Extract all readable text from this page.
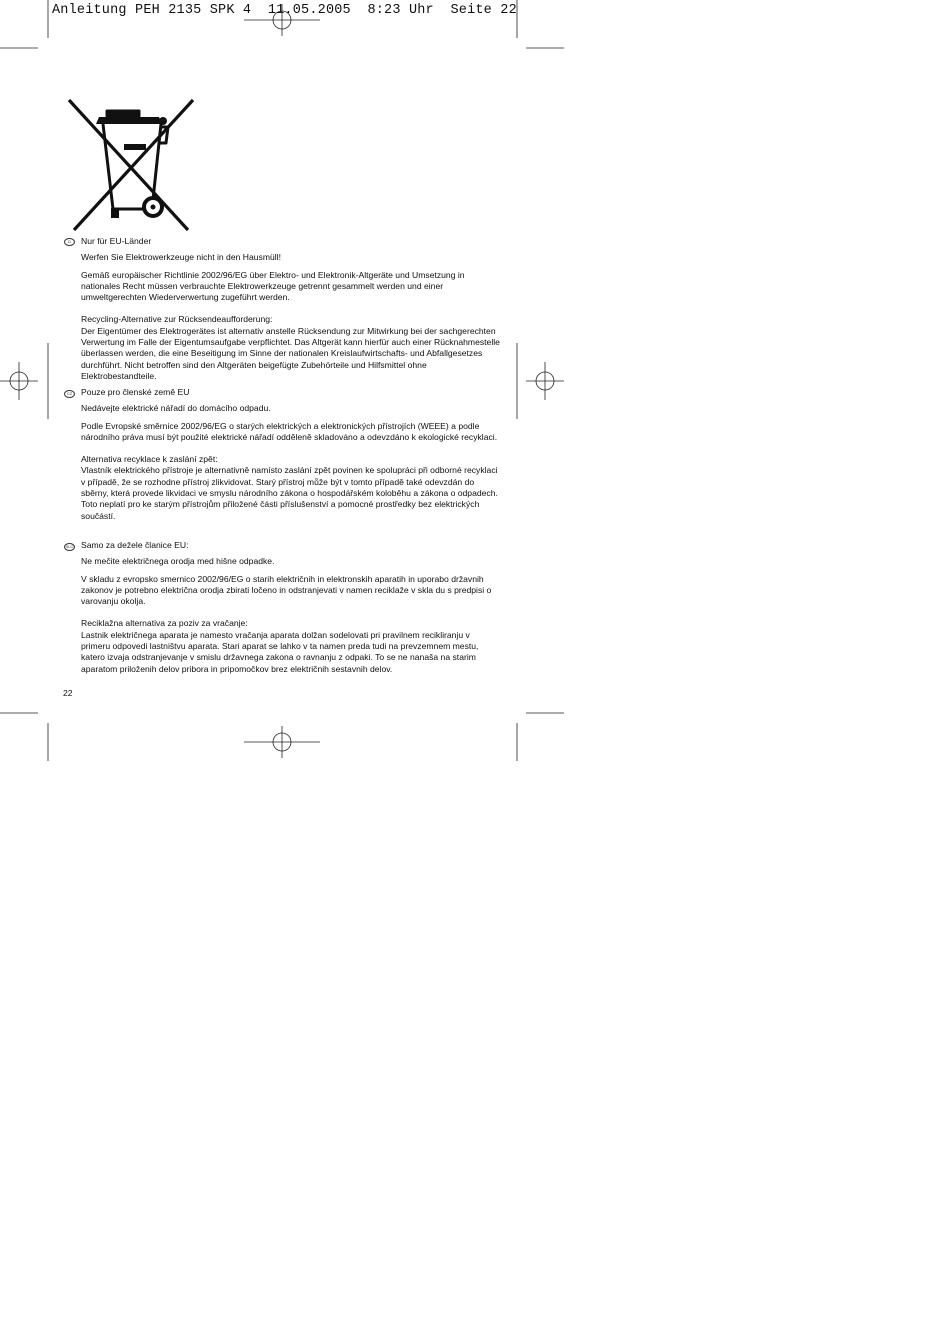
Anleitung PEH 2135 SPK 4  11.05.2005  8:23 Uhr  Seite 22
D	Nur für EU-Länder

Werfen Sie Elektrowerkzeuge nicht in den Hausmüll!

Gemäß europäischer Richtlinie 2002/96/EG über Elektro- und Elektronik-Altgeräte und Umsetzung in nationales Recht müssen verbrauchte Elektrowerkzeuge getrennt gesammelt werden und einer umweltgerechten Wiederverwertung zugeführt werden.

Recycling-Alternative zur Rücksendeaufforderung:

Der Eigentümer des Elektrogerätes ist alternativ anstelle Rücksendung zur Mitwirkung bei der sachgerechten Verwertung im Falle der Eigentumsaufgabe verpflichtet. Das Altgerät kann hierfür auch einer Rücknahmestelle überlassen werden, die eine Beseitigung im Sinne der nationalen Kreislaufwirtschafts- und Abfallgesetzes durchführt. Nicht betroffen sind den Altgeräten beigefügte Zubehörteile und Hilfsmittel ohne Elektrobestandteile.

CZ	Pouze pro členské země EU

Nedávejte elektrické nářadí do domácího odpadu.

Podle Evropské směrnice 2002/96/EG o starých elektrických a elektronických přístrojích (WEEE) a podle národního práva musí být použité elektrické nářadí odděleně skladováno a odevzdáno k ekologické recyklaci.

Alternativa recyklace k zaslání zpět:

Vlastník elektrického přístroje je alternativně namísto zaslání zpět povinen ke spolupráci při odborné recyklaci v případě, že se rozhodne přístroj zlikvidovat. Starý přístroj může být v tomto případě také odevzdán do sběrny, která provede likvidaci ve smyslu národního zákona o hospodářském koloběhu a zákona o odpadech. Toto neplatí pro ke starým přístrojům přiložené části příslušenství a pomocné prostředky bez elektrických součástí.

SLO Samo za dežele članice EU:

Ne mečite električnega orodja med hišne odpadke.

V skladu z evropsko smernico 2002/96/EG o starih električnih in elektronskih aparatih in uporabo državnih zakonov je potrebno električna orodja zbirati ločeno in odstranjevati v namen reciklaže v skla du s predpisi o varovanju okolja.

Reciklažna alternativa za poziv za vračanje:

Lastnik električnega aparata je namesto vračanja aparata dolžan sodelovati pri pravilnem recikliranju v primeru odpovedi lastništvu aparata. Stari aparat se lahko v ta namen preda tudi na prevzemnem mestu, katero izvaja odstranjevanje v smislu državnega zakona o ravnanju z odpaki. To se ne nanaša na starim aparatom priloženih delov pribora in pripomočkov brez električnih sestavnih delov.

22
